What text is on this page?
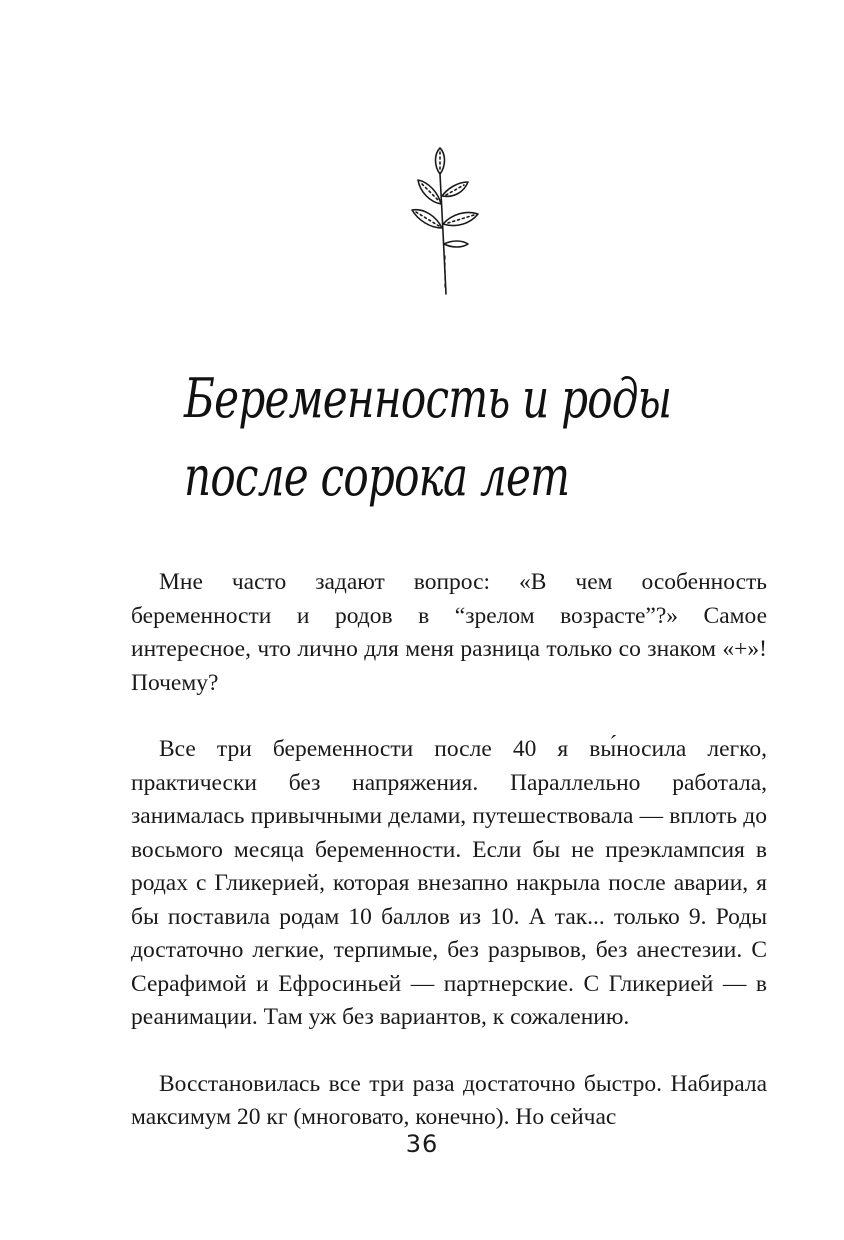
Беременность и роды
после сорока лет

Мне часто задают вопрос: «В чем особенность беременности и родов в “зрелом возрасте”?» Самое интересное, что лично для меня разница только со знаком «+»! Почему?

Все три беременности после 40 я вы́носила легко, практически без напряжения. Параллельно работала, занималась привычными делами, путешествовала — вплоть до восьмого месяца беременности. Если бы не преэклампсия в родах с Гликерией, которая внезапно накрыла после аварии, я бы поставила родам 10 баллов из 10. А так... только 9. Роды достаточно легкие, терпимые, без разрывов, без анестезии. С Серафимой и Ефросиньей — партнерские. С Гликерией — в реанимации. Там уж без вариантов, к сожалению.

Восстановилась все три раза достаточно быстро. Набирала максимум 20 кг (многовато, конечно). Но сейчас

36
